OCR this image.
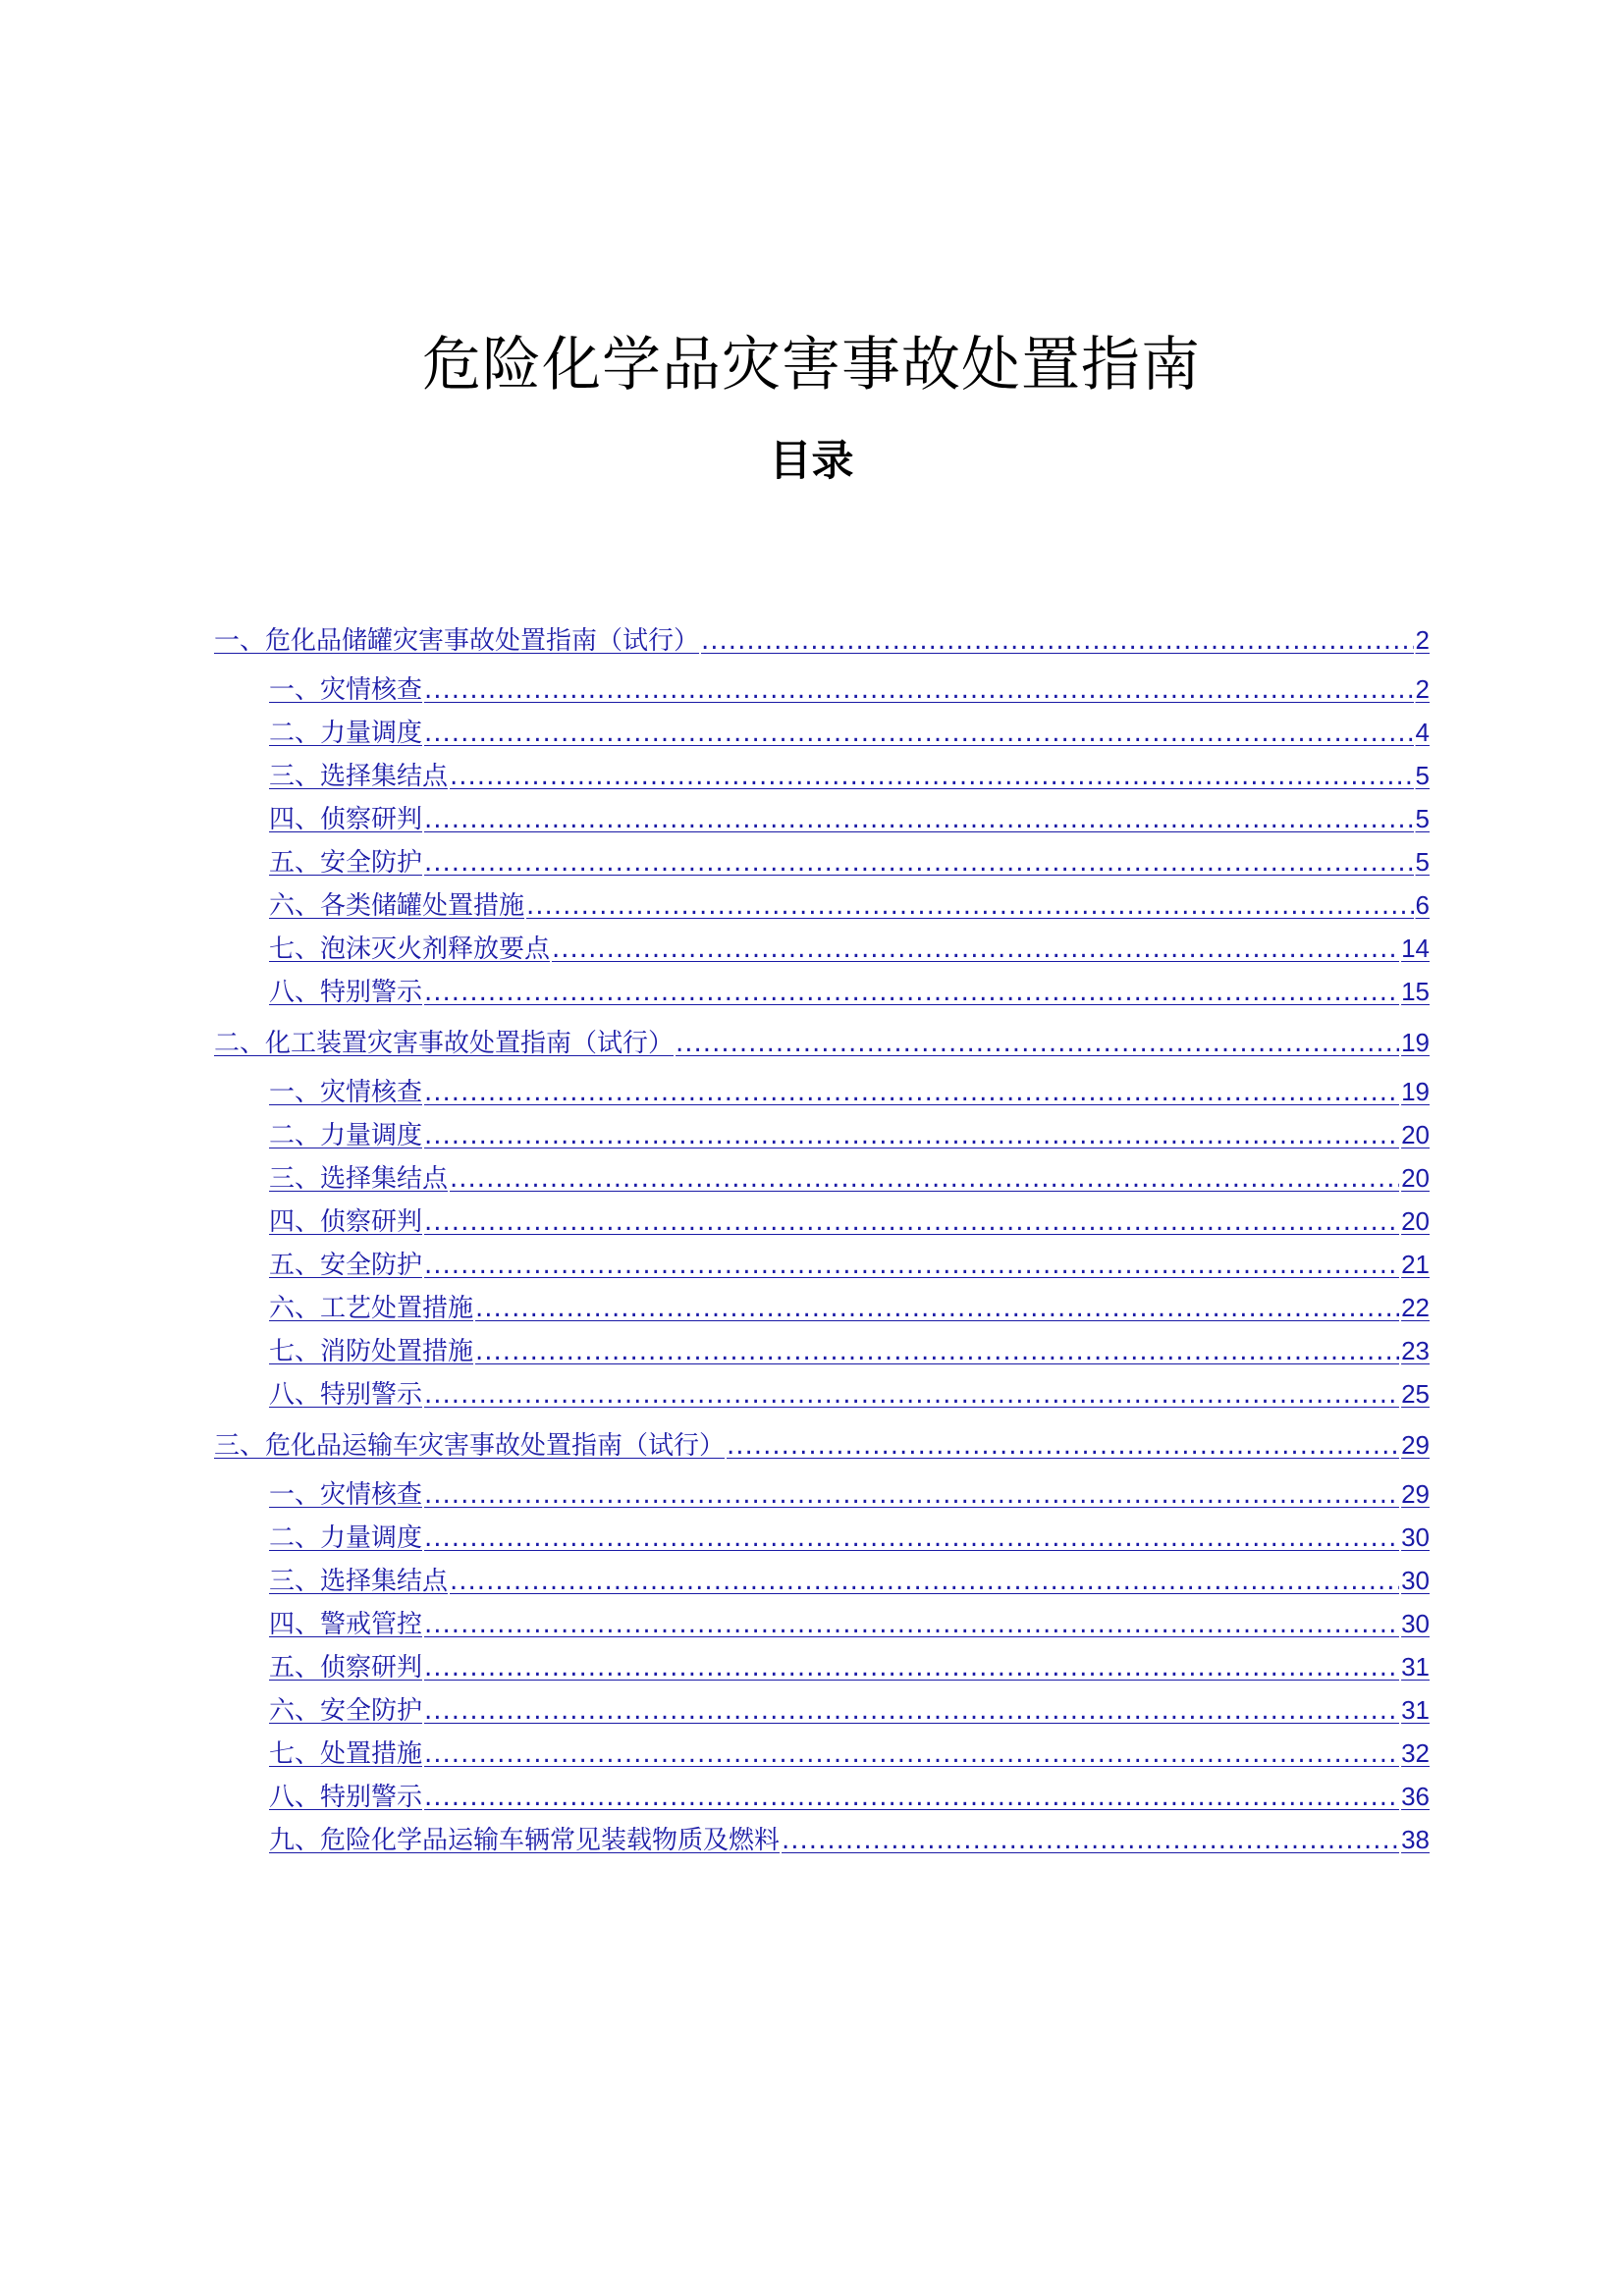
危险化学品灾害事故处置指南
目录
一、危化品储罐灾害事故处置指南（试行） .....	2
一、灾情核查 .....	2
二、力量调度 .....	4
三、选择集结点 .....	5
四、侦察研判 .....	5
五、安全防护 .....	5
六、各类储罐处置措施 .....	6
七、泡沫灭火剂释放要点 .....	14
八、特别警示 .....	15
二、化工装置灾害事故处置指南（试行） .....	19
一、灾情核查 .....	19
二、力量调度 .....	20
三、选择集结点 .....	20
四、侦察研判 .....	20
五、安全防护 .....	21
六、工艺处置措施 .....	22
七、消防处置措施 .....	23
八、特别警示 .....	25
三、危化品运输车灾害事故处置指南（试行） .....	29
一、灾情核查 .....	29
二、力量调度 .....	30
三、选择集结点 .....	30
四、警戒管控 .....	30
五、侦察研判 .....	31
六、安全防护 .....	31
七、处置措施 .....	32
八、特别警示 .....	36
九、危险化学品运输车辆常见装载物质及燃料 .....	38
